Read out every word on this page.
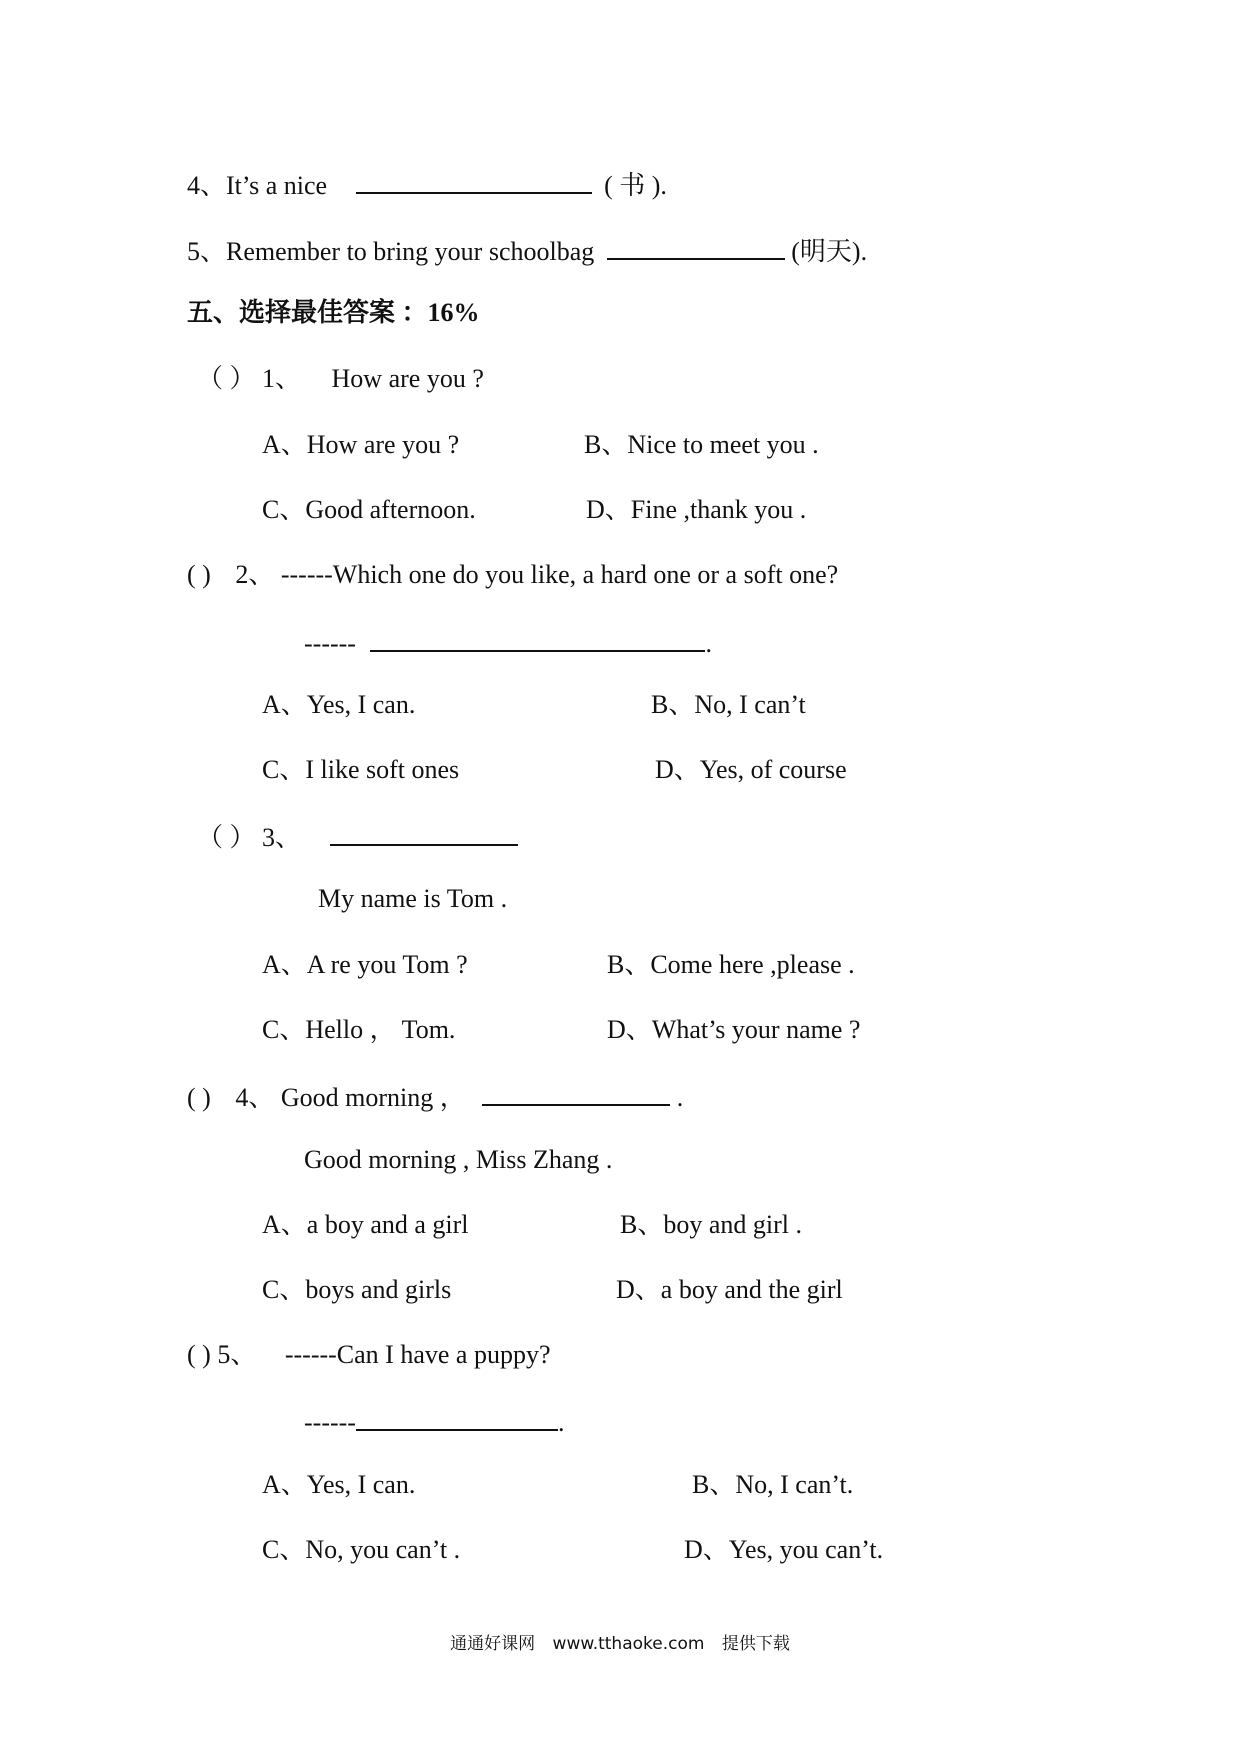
4、It’s a nice	( 书 ).
5、Remember to bring your schoolbag	(明天).
五、选择最佳答案 ：16%
（ ） 1、 How are you ?
A、How are you ?	B、Nice to meet you .
C、Good afternoon.	D、Fine ,thank you .
( ) 2、 ------Which one do you like, a hard one or a soft one?
------	.
A、Yes, I can.	B、No, I can’t
C、I like soft ones	D、Yes, of course
（ ） 3、
My name is Tom .
A、A re you Tom ?	B、Come here ,please .
C、Hello ， Tom.	D、What’s your name ?
( ) 4、 Good morning ，	.
Good morning , Miss Zhang .
A、a boy and a girl	B、boy and girl .
C、boys and girls	D、a boy and the girl
( ) 5、 ------Can I have a puppy?
------	.
A、Yes, I can.	B、No, I can’t.
C、No, you can’t .	D、Yes, you can’t.
通通好课网 www.tthaoke.com 提供下载
